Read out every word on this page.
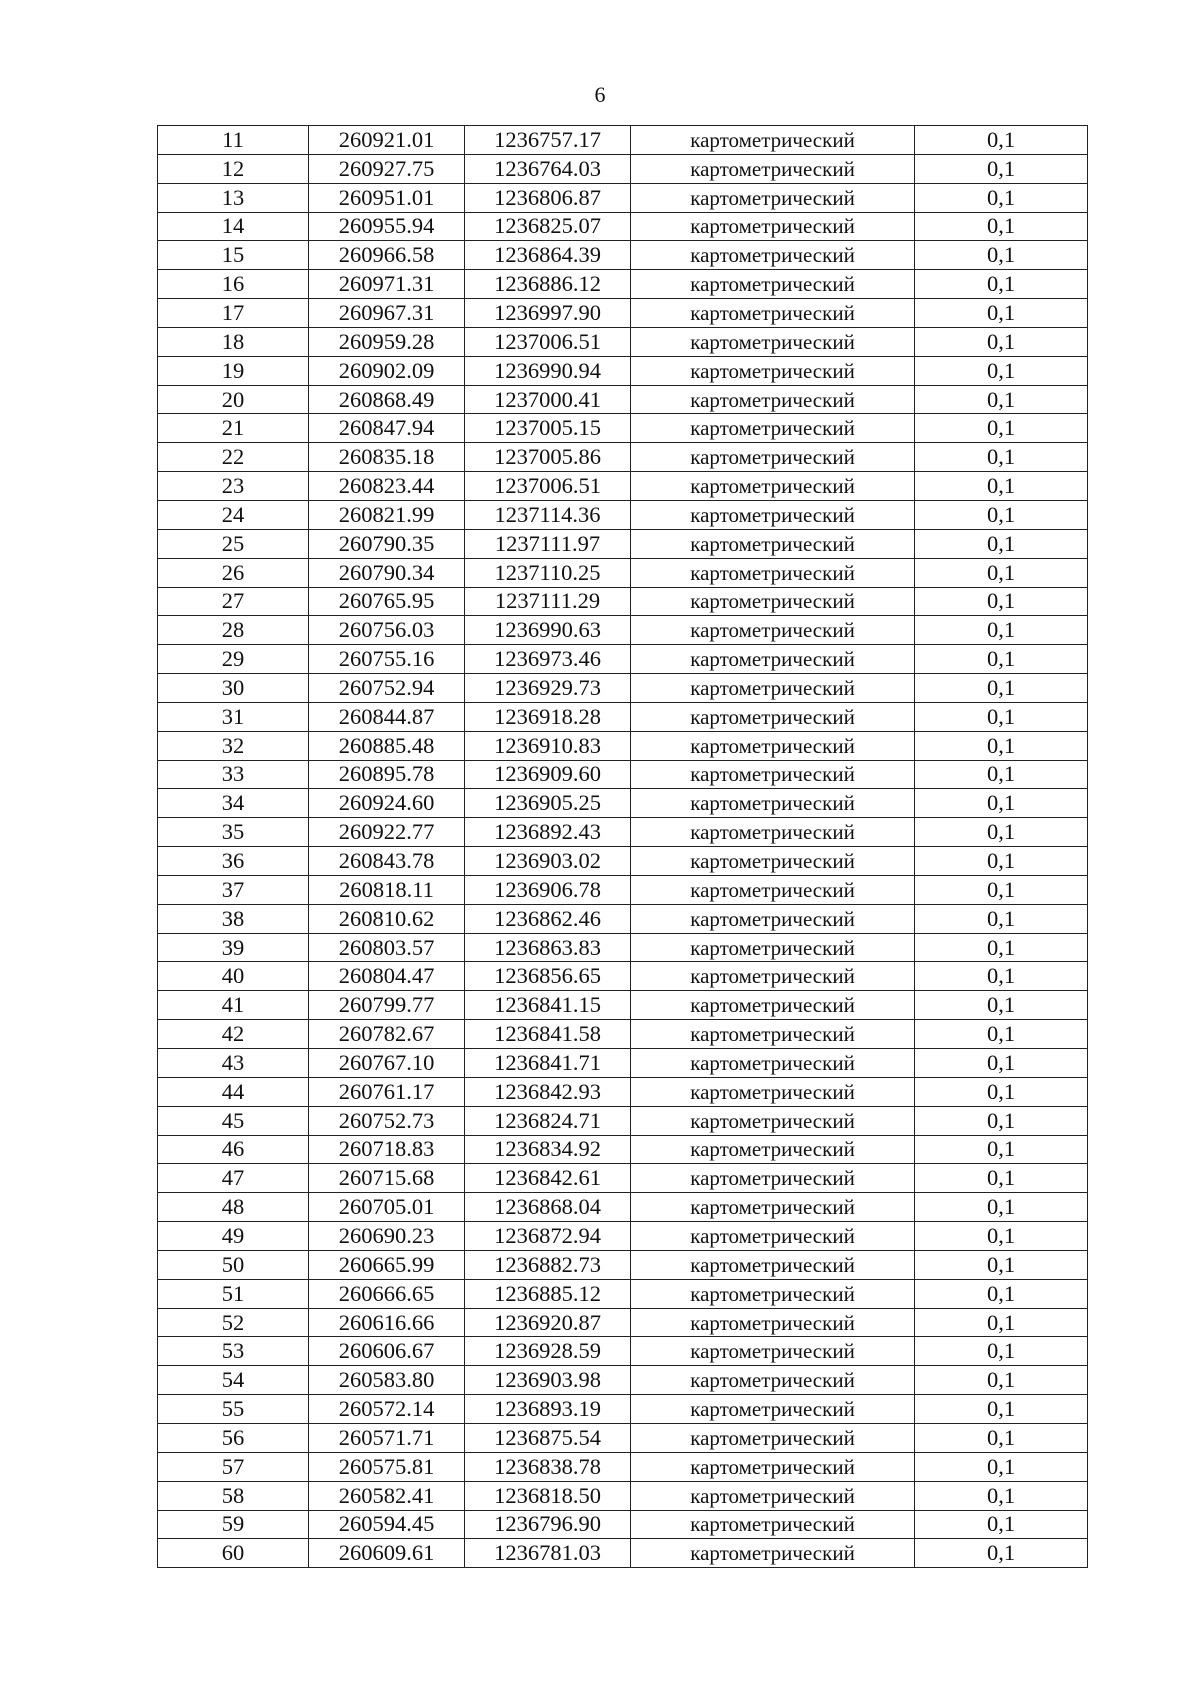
6
11	260921.01	1236757.17	картометрический	0,1
12	260927.75	1236764.03	картометрический	0,1
13	260951.01	1236806.87	картометрический	0,1
14	260955.94	1236825.07	картометрический	0,1
15	260966.58	1236864.39	картометрический	0,1
16	260971.31	1236886.12	картометрический	0,1
17	260967.31	1236997.90	картометрический	0,1
18	260959.28	1237006.51	картометрический	0,1
19	260902.09	1236990.94	картометрический	0,1
20	260868.49	1237000.41	картометрический	0,1
21	260847.94	1237005.15	картометрический	0,1
22	260835.18	1237005.86	картометрический	0,1
23	260823.44	1237006.51	картометрический	0,1
24	260821.99	1237114.36	картометрический	0,1
25	260790.35	1237111.97	картометрический	0,1
26	260790.34	1237110.25	картометрический	0,1
27	260765.95	1237111.29	картометрический	0,1
28	260756.03	1236990.63	картометрический	0,1
29	260755.16	1236973.46	картометрический	0,1
30	260752.94	1236929.73	картометрический	0,1
31	260844.87	1236918.28	картометрический	0,1
32	260885.48	1236910.83	картометрический	0,1
33	260895.78	1236909.60	картометрический	0,1
34	260924.60	1236905.25	картометрический	0,1
35	260922.77	1236892.43	картометрический	0,1
36	260843.78	1236903.02	картометрический	0,1
37	260818.11	1236906.78	картометрический	0,1
38	260810.62	1236862.46	картометрический	0,1
39	260803.57	1236863.83	картометрический	0,1
40	260804.47	1236856.65	картометрический	0,1
41	260799.77	1236841.15	картометрический	0,1
42	260782.67	1236841.58	картометрический	0,1
43	260767.10	1236841.71	картометрический	0,1
44	260761.17	1236842.93	картометрический	0,1
45	260752.73	1236824.71	картометрический	0,1
46	260718.83	1236834.92	картометрический	0,1
47	260715.68	1236842.61	картометрический	0,1
48	260705.01	1236868.04	картометрический	0,1
49	260690.23	1236872.94	картометрический	0,1
50	260665.99	1236882.73	картометрический	0,1
51	260666.65	1236885.12	картометрический	0,1
52	260616.66	1236920.87	картометрический	0,1
53	260606.67	1236928.59	картометрический	0,1
54	260583.80	1236903.98	картометрический	0,1
55	260572.14	1236893.19	картометрический	0,1
56	260571.71	1236875.54	картометрический	0,1
57	260575.81	1236838.78	картометрический	0,1
58	260582.41	1236818.50	картометрический	0,1
59	260594.45	1236796.90	картометрический	0,1
60	260609.61	1236781.03	картометрический	0,1
